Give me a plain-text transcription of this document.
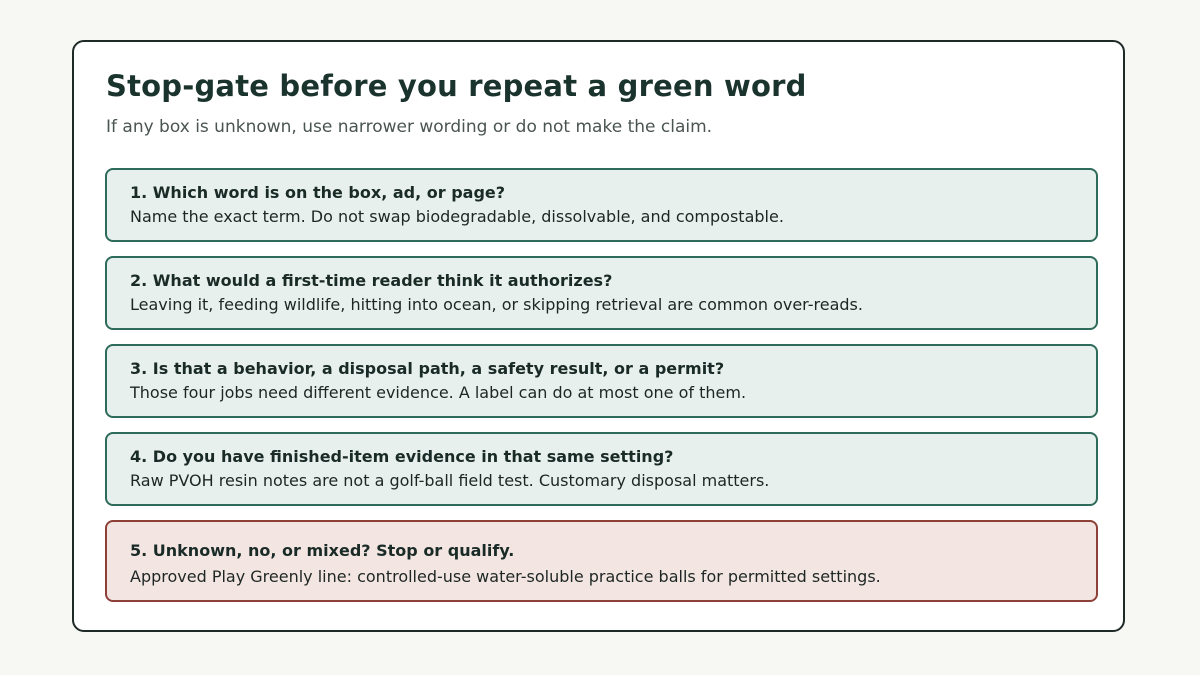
Stop-gate before you repeat a green word

If any box is unknown, use narrower wording or do not make the claim.

1. Which word is on the box, ad, or page?

Name the exact term. Do not swap biodegradable, dissolvable, and compostable.

2. What would a first-time reader think it authorizes?

Leaving it, feeding wildlife, hitting into ocean, or skipping retrieval are common over-reads.

3. Is that a behavior, a disposal path, a safety result, or a permit?

Those four jobs need different evidence. A label can do at most one of them.

4. Do you have finished-item evidence in that same setting?

Raw PVOH resin notes are not a golf-ball field test. Customary disposal matters.

5. Unknown, no, or mixed? Stop or qualify.

Approved Play Greenly line: controlled-use water-soluble practice balls for permitted settings.
